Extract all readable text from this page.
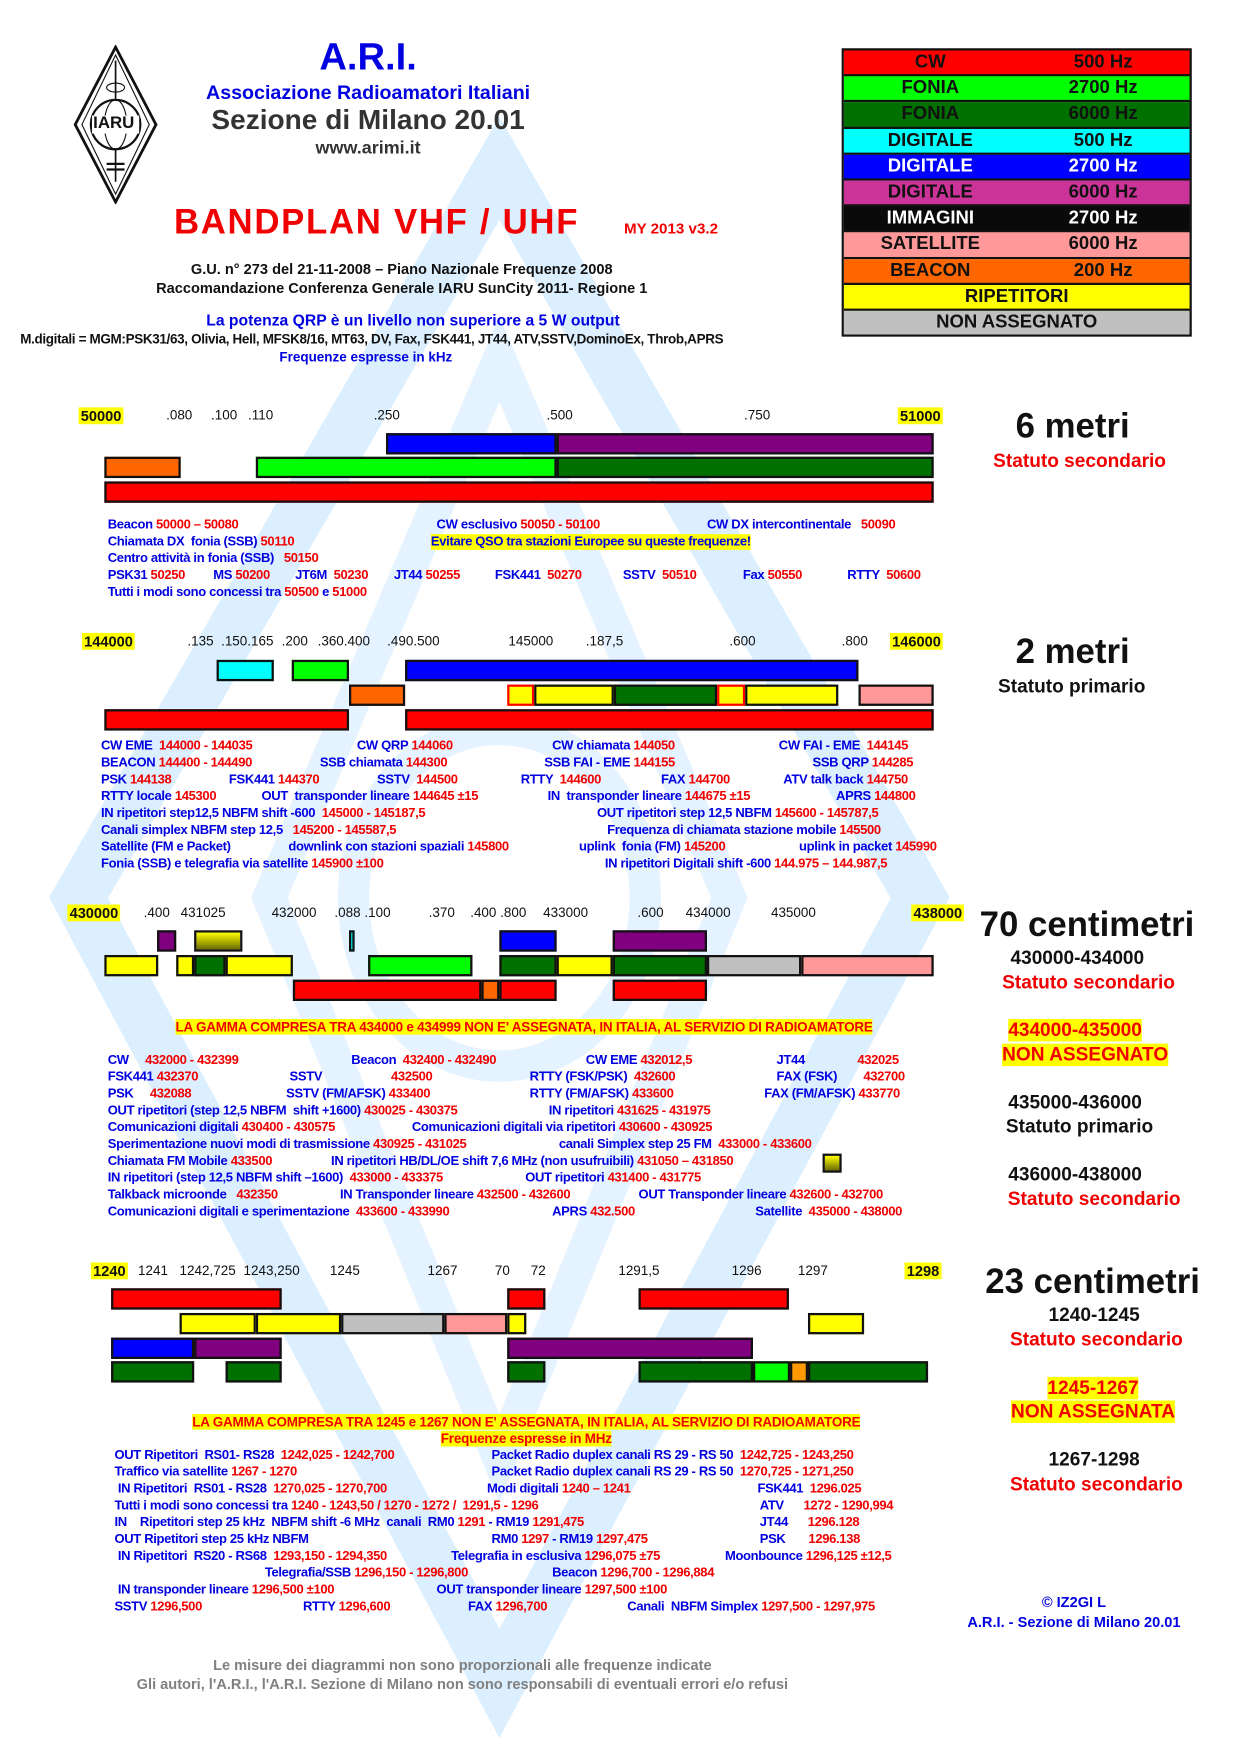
IARU
A.R.I.
Associazione Radioamatori Italiani
Sezione di Milano 20.01
www.arimi.it
BANDPLAN VHF / UHF	MY 2013 v3.2
G.U. n° 273 del 21-11-2008 – Piano Nazionale Frequenze 2008
Raccomandazione Conferenza Generale IARU SunCity 2011- Regione 1
La potenza QRP è un livello non superiore a 5 W output
M.digitali = MGM:PSK31/63, Olivia, Hell, MFSK8/16, MT63, DV, Fax, FSK441, JT44, ATV,SSTV,DominoEx, Throb,APRS
Frequenze espresse in kHz
CW	500 Hz
FONIA	2700 Hz
FONIA	6000 Hz
DIGITALE	500 Hz
DIGITALE	2700 Hz
DIGITALE	6000 Hz
IMMAGINI	2700 Hz
SATELLITE	6000 Hz
BEACON	200 Hz
RIPETITORI
NON ASSEGNATO
50000	.080 .100 .110	.250	.500	.750	51000 6 metri
Statuto secondario
Beacon 50000 – 50080	CW esclusivo 50050 - 50100	CW DX intercontinentale   50090
Chiamata DX  fonia (SSB) 50110	Evitare QSO tra stazioni Europee su queste frequenze!
Centro attività in fonia (SSB)   50150
PSK31 50250 MS 50200 JT6M  50230 JT44 50255	FSK441  50270	SSTV  50510	Fax 50550	RTTY  50600
Tutti i modi sono concessi tra 50500 e 51000
144000	.135 .150.165 .200 .360.400 .490.500	145000	.187,5	.600	.800 146000 2 metri
Statuto primario
CW EME  144000 - 144035	CW QRP 144060	CW chiamata 144050	CW FAI - EME  144145
BEACON 144400 - 144490	SSB chiamata 144300	SSB FAI - EME 144155	SSB QRP 144285
PSK 144138	FSK441 144370	SSTV  144500	RTTY  144600	FAX 144700	ATV talk back 144750
RTTY locale 145300	OUT  transponder lineare 144645 ±15	IN  transponder lineare 144675 ±15	APRS 144800
IN ripetitori step12,5 NBFM shift -600  145000 - 145187,5	OUT ripetitori step 12,5 NBFM 145600 - 145787,5
Canali simplex NBFM step 12,5   145200 - 145587,5	Frequenza di chiamata stazione mobile 145500
Satellite (FM e Packet)	downlink con stazioni spaziali 145800	uplink  fonia (FM) 145200	uplink in packet 145990
Fonia (SSB) e telegrafia via satellite 145900 ±100	IN ripetitori Digitali shift -600 144.975 – 144.987,5
430000 .400 431025	432000 .088 .100	.370 .400 .800 433000	.600 434000	435000	438000 70 centimetri
430000-434000
Statuto secondario
434000-435000
NON ASSEGNATO
435000-436000
Statuto primario
436000-438000
Statuto secondario
LA GAMMA COMPRESA TRA 434000 e 434999 NON E' ASSEGNATA, IN ITALIA, AL SERVIZIO DI RADIOAMATORE
CW     432000 - 432399	Beacon  432400 - 432490	CW EME 432012,5	JT44                432025
FSK441 432370	SSTV                     432500	RTTY (FSK/PSK)  432600	FAX (FSK)        432700
PSK     432088	SSTV (FM/AFSK) 433400	RTTY (FM/AFSK) 433600	FAX (FM/AFSK) 433770
OUT ripetitori (step 12,5 NBFM  shift +1600) 430025 - 430375	IN ripetitori 431625 - 431975
Comunicazioni digitali 430400 - 430575	Comunicazioni digitali via ripetitori 430600 - 430925
Sperimentazione nuovi modi di trasmissione 430925 - 431025	canali Simplex step 25 FM  433000 - 433600
Chiamata FM Mobile 433500	IN ripetitori HB/DL/OE shift 7,6 MHz (non usufruibili) 431050 – 431850
IN ripetitori (step 12,5 NBFM shift –1600)  433000 - 433375	OUT ripetitori 431400 - 431775
Talkback microonde   432350	IN Transponder lineare 432500 - 432600	OUT Transponder lineare 432600 - 432700
Comunicazioni digitali e sperimentazione  433600 - 433990	APRS 432.500	Satellite  435000 - 438000
1240 1241 1242,725 1243,250	1245	1267	70 72	1291,5	1296	1297	1298 23 centimetri
1240-1245
Statuto secondario
1245-1267
NON ASSEGNATA
1267-1298
Statuto secondario
LA GAMMA COMPRESA TRA 1245 e 1267 NON E' ASSEGNATA, IN ITALIA, AL SERVIZIO DI RADIOAMATORE
Frequenze espresse in MHz
OUT Ripetitori  RS01- RS28  1242,025 - 1242,700	Packet Radio duplex canali RS 29 - RS 50  1242,725 - 1243,250
Traffico via satellite 1267 - 1270	Packet Radio duplex canali RS 29 - RS 50  1270,725 - 1271,250
IN Ripetitori  RS01 - RS28  1270,025 - 1270,700	Modi digitali 1240 – 1241	FSK441  1296.025
Tutti i modi sono concessi tra 1240 - 1243,50 / 1270 - 1272 /  1291,5 - 1296	ATV      1272 - 1290,994
IN    Ripetitori step 25 kHz  NBFM shift -6 MHz  canali  RM0 1291 - RM19 1291,475	JT44      1296.128
OUT Ripetitori step 25 kHz NBFM	RM0 1297 - RM19 1297,475	PSK       1296.138
IN Ripetitori  RS20 - RS68  1293,150 - 1294,350	Telegrafia in esclusiva 1296,075 ±75	Moonbounce 1296,125 ±12,5
Telegrafia/SSB 1296,150 - 1296,800	Beacon 1296,700 - 1296,884
IN transponder lineare 1296,500 ±100	OUT transponder lineare 1297,500 ±100
SSTV 1296,500	RTTY 1296,600	FAX 1296,700	Canali  NBFM Simplex 1297,500 - 1297,975	© IZ2GI L
A.R.I. - Sezione di Milano 20.01
Le misure dei diagrammi non sono proporzionali alle frequenze indicate
Gli autori, l'A.R.I., l'A.R.I. Sezione di Milano non sono responsabili di eventuali errori e/o refusi
